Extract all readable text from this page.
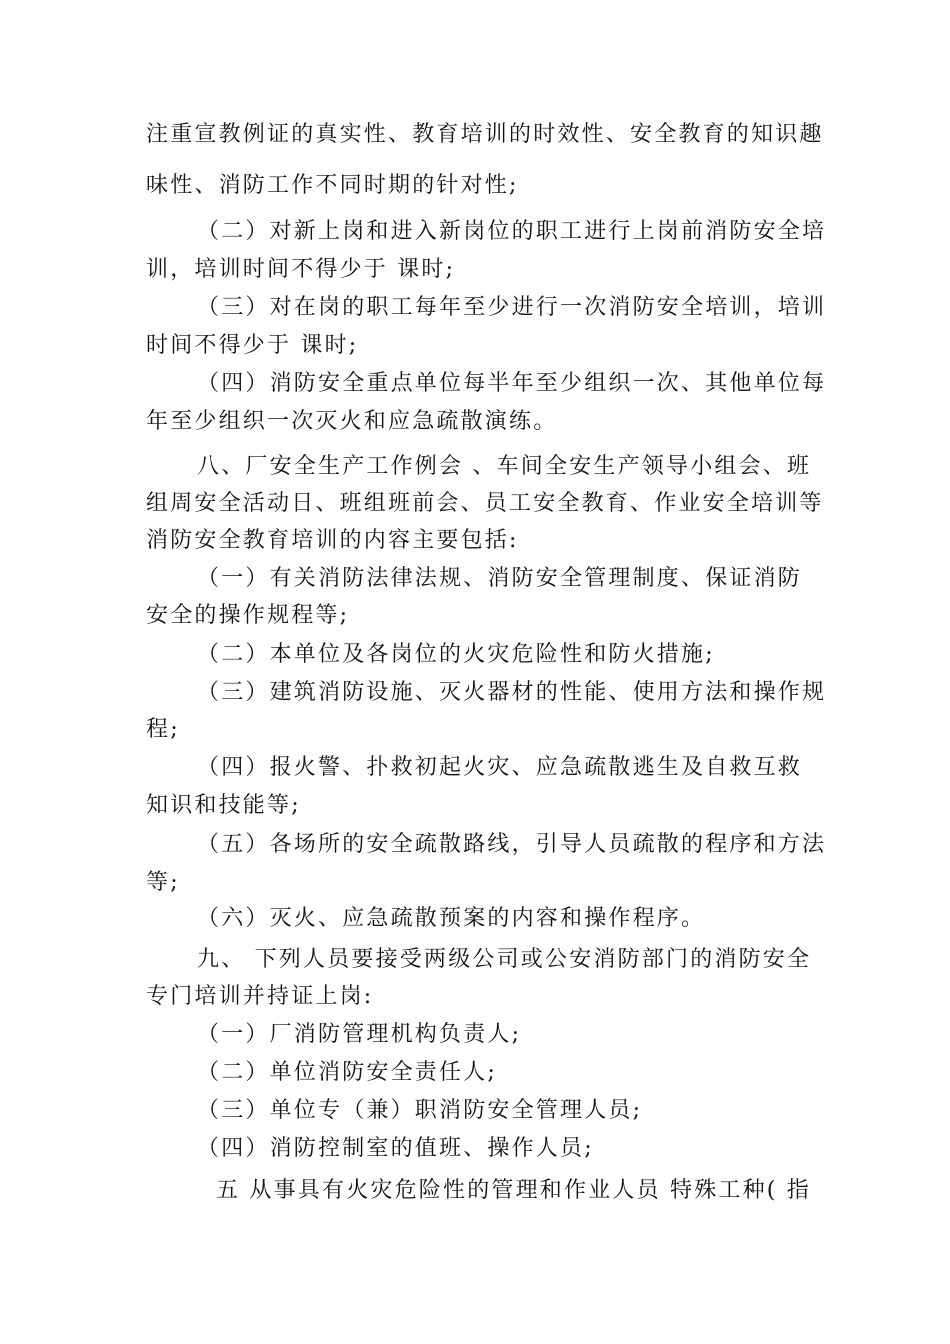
注重宣教例证的真实性、教育培训的时效性、安全教育的知识趣
味性、消防工作不同时期的针对性;
（二）对新上岗和进入新岗位的职工进行上岗前消防安全培
训，培训时间不得少于 课时;
（三）对在岗的职工每年至少进行一次消防安全培训，培训
时间不得少于 课时;
（四）消防安全重点单位每半年至少组织一次、其他单位每
年至少组织一次灭火和应急疏散演练。
八、厂安全生产工作例会 、车间全安生产领导小组会、班
组周安全活动日、班组班前会、员工安全教育、作业安全培训等
消防安全教育培训的内容主要包括:
（一）有关消防法律法规、消防安全管理制度、保证消防
安全的操作规程等;
（二）本单位及各岗位的火灾危险性和防火措施;
（三）建筑消防设施、灭火器材的性能、使用方法和操作规
程;
（四）报火警、扑救初起火灾、应急疏散逃生及自救互救
知识和技能等;
（五）各场所的安全疏散路线，引导人员疏散的程序和方法
等;
（六）灭火、应急疏散预案的内容和操作程序。
九、 下列人员要接受两级公司或公安消防部门的消防安全
专门培训并持证上岗:
（一）厂消防管理机构负责人;
（二）单位消防安全责任人;
（三）单位专（兼）职消防安全管理人员;
（四）消防控制室的值班、操作人员;
五 从事具有火灾危险性的管理和作业人员 特殊工种( 指
